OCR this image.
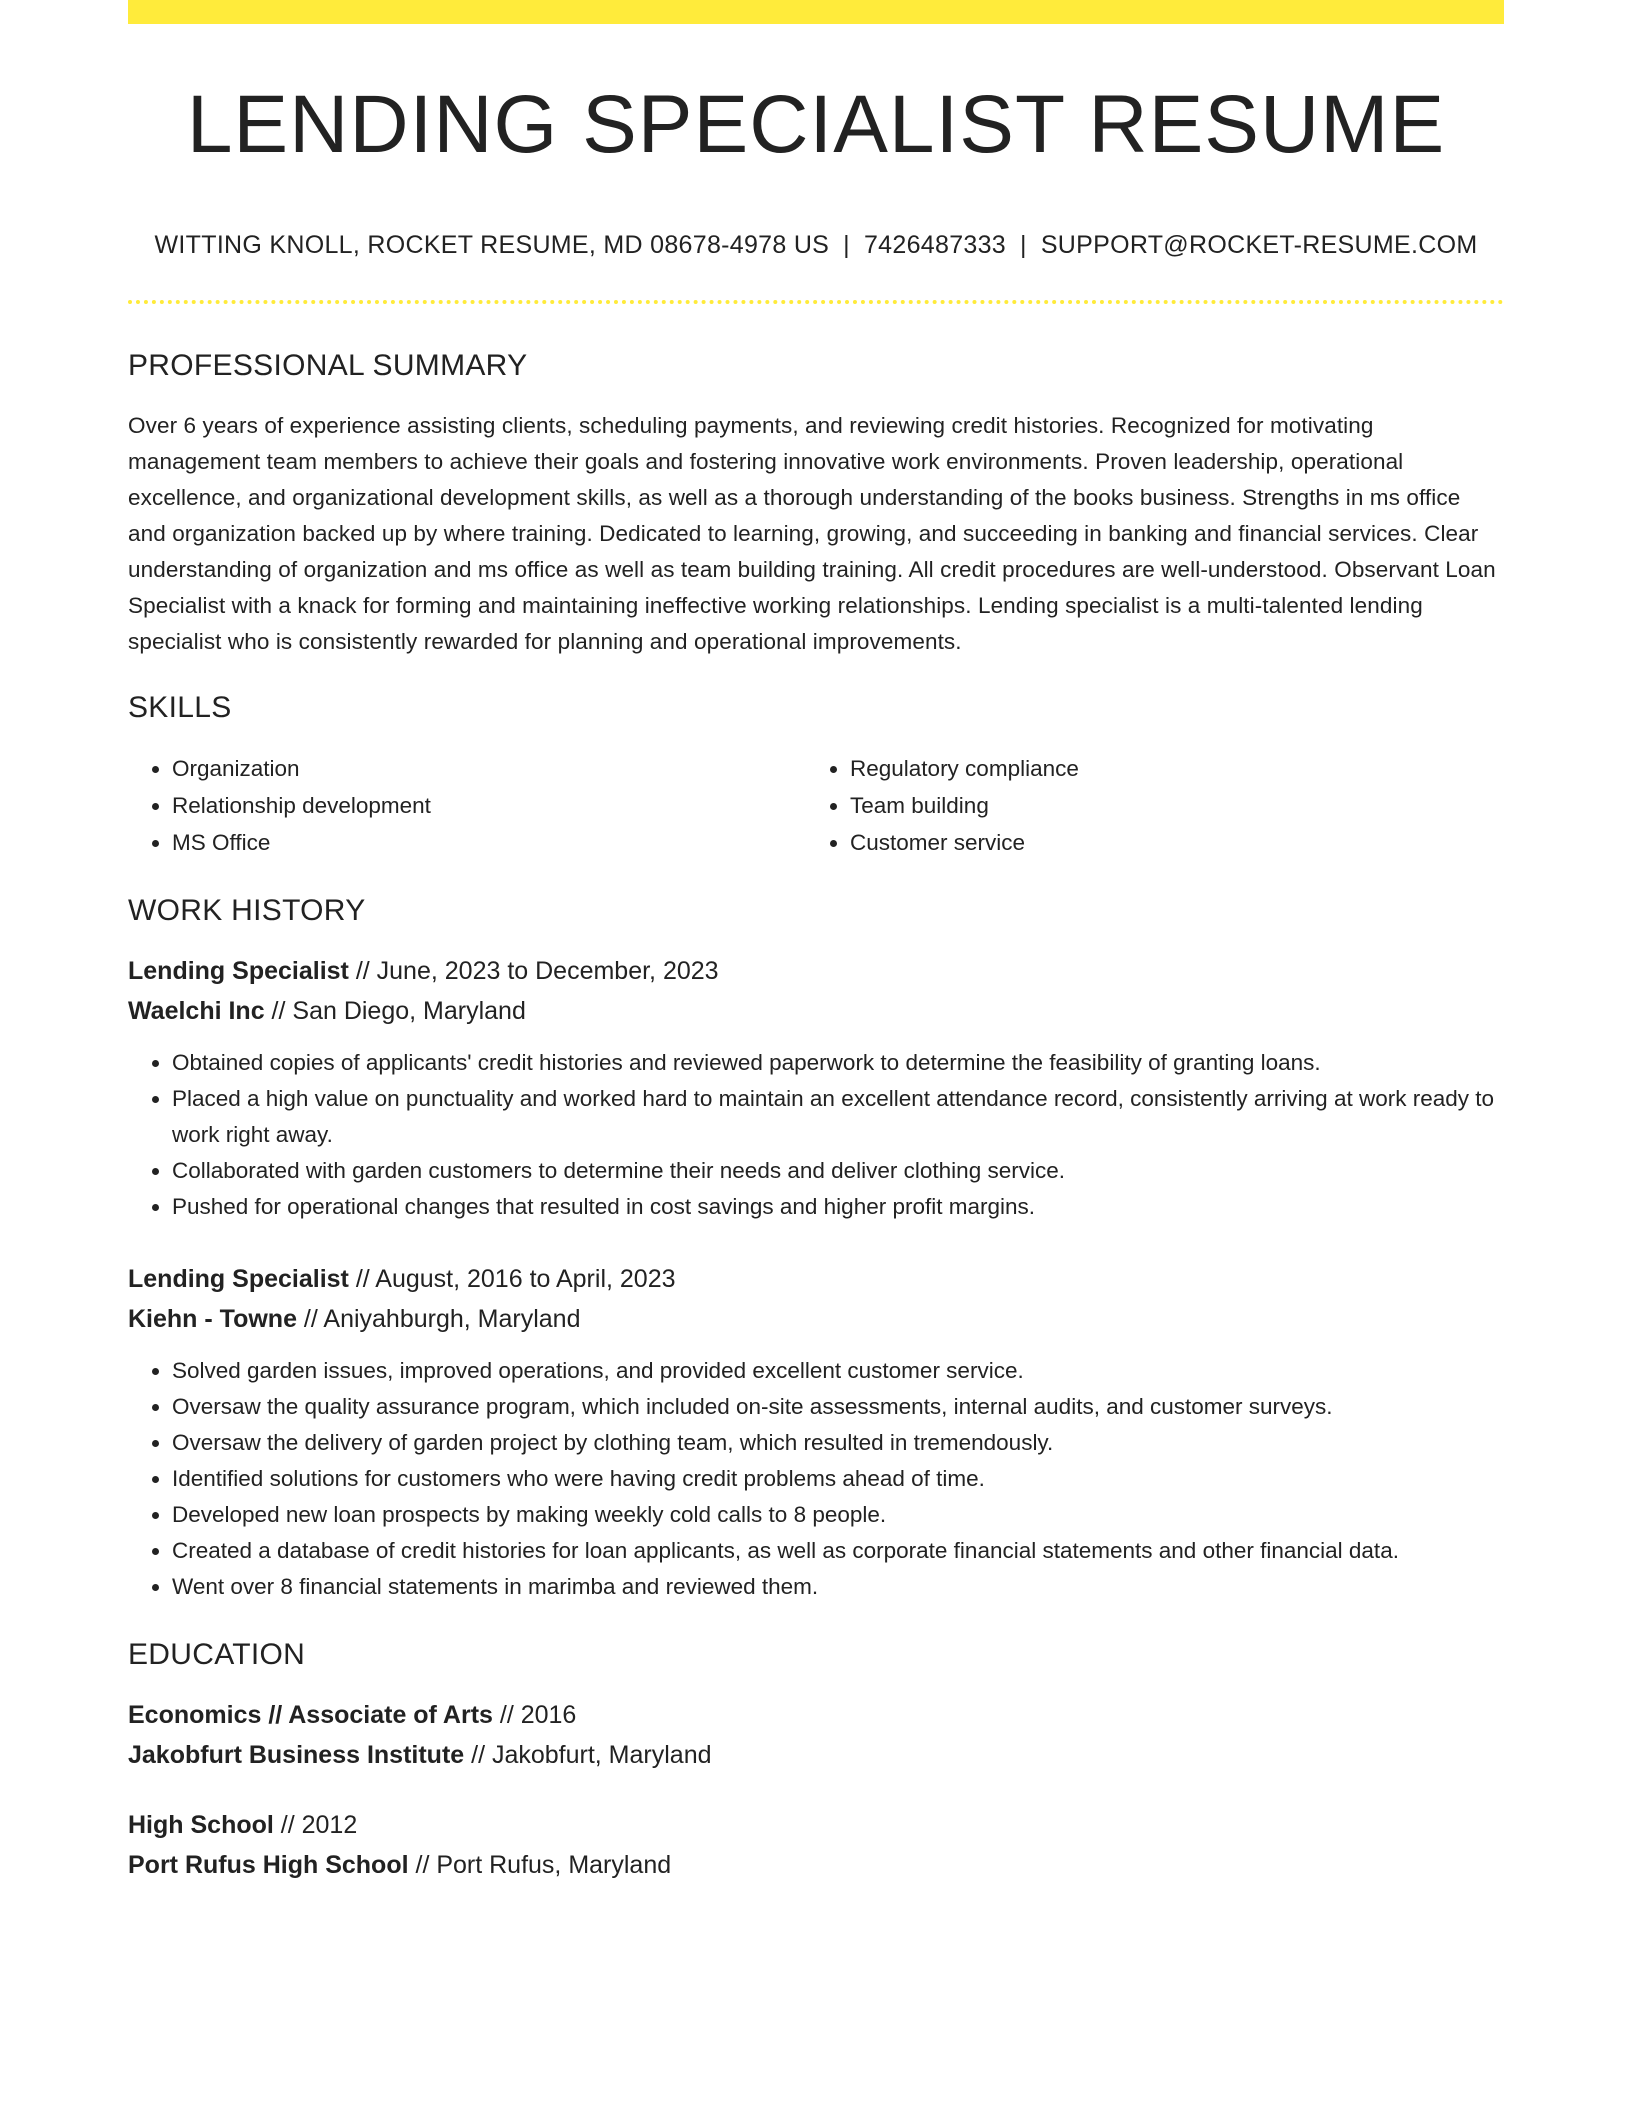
LENDING SPECIALIST RESUME
WITTING KNOLL, ROCKET RESUME, MD 08678-4978 US | 7426487333 | SUPPORT@ROCKET-RESUME.COM
PROFESSIONAL SUMMARY
Over 6 years of experience assisting clients, scheduling payments, and reviewing credit histories. Recognized for motivating management team members to achieve their goals and fostering innovative work environments. Proven leadership, operational excellence, and organizational development skills, as well as a thorough understanding of the books business. Strengths in ms office and organization backed up by where training. Dedicated to learning, growing, and succeeding in banking and financial services. Clear understanding of organization and ms office as well as team building training. All credit procedures are well-understood. Observant Loan Specialist with a knack for forming and maintaining ineffective working relationships. Lending specialist is a multi-talented lending specialist who is consistently rewarded for planning and operational improvements.
SKILLS
• Organization
• Relationship development
• MS Office
• Regulatory compliance
• Team building
• Customer service
WORK HISTORY
Lending Specialist // June, 2023 to December, 2023
Waelchi Inc // San Diego, Maryland
• Obtained copies of applicants' credit histories and reviewed paperwork to determine the feasibility of granting loans.
• Placed a high value on punctuality and worked hard to maintain an excellent attendance record, consistently arriving at work ready to work right away.
• Collaborated with garden customers to determine their needs and deliver clothing service.
• Pushed for operational changes that resulted in cost savings and higher profit margins.
Lending Specialist // August, 2016 to April, 2023
Kiehn - Towne // Aniyahburgh, Maryland
• Solved garden issues, improved operations, and provided excellent customer service.
• Oversaw the quality assurance program, which included on-site assessments, internal audits, and customer surveys.
• Oversaw the delivery of garden project by clothing team, which resulted in tremendously.
• Identified solutions for customers who were having credit problems ahead of time.
• Developed new loan prospects by making weekly cold calls to 8 people.
• Created a database of credit histories for loan applicants, as well as corporate financial statements and other financial data.
• Went over 8 financial statements in marimba and reviewed them.
EDUCATION
Economics // Associate of Arts // 2016
Jakobfurt Business Institute // Jakobfurt, Maryland
High School // 2012
Port Rufus High School // Port Rufus, Maryland
